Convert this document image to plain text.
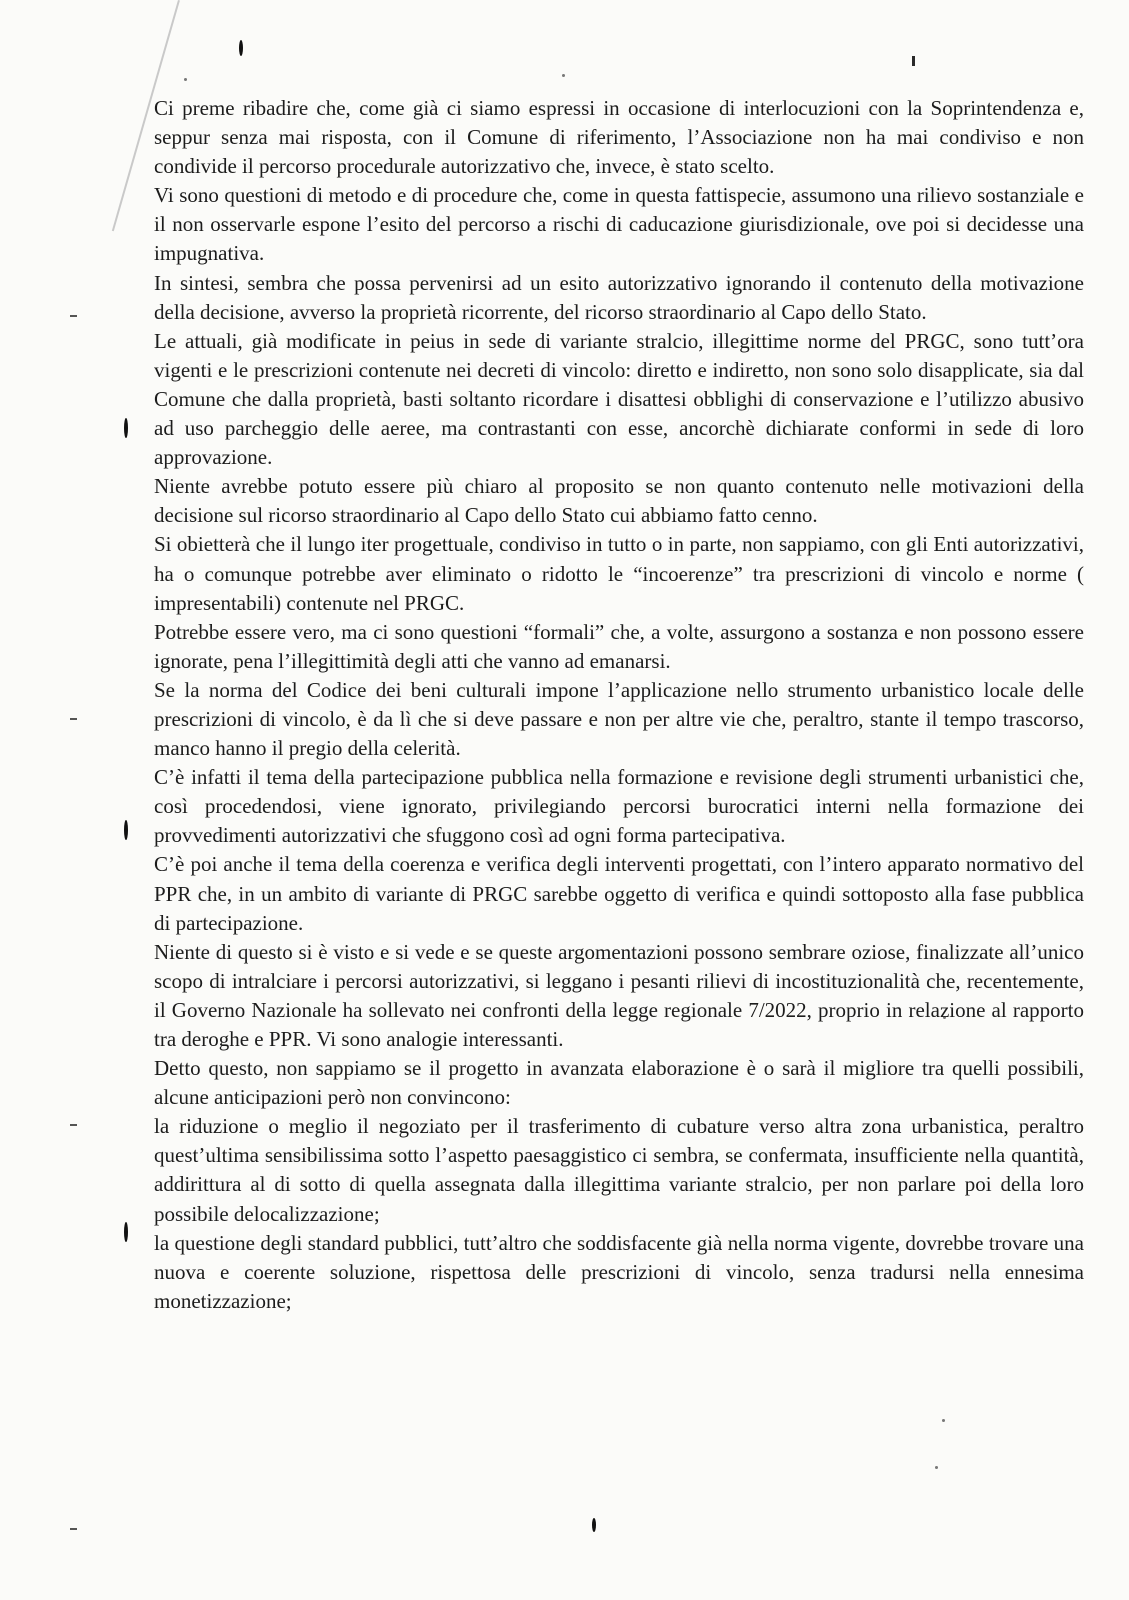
Ci preme ribadire che, come già ci siamo espressi in occasione di interlocuzioni con la Soprintendenza e, seppur senza mai risposta, con il Comune di riferimento, l’Associazione non ha mai condiviso e non condivide il percorso procedurale autorizzativo che, invece, è stato scelto.

Vi sono questioni di metodo e di procedure che, come in questa fattispecie, assumono una rilievo sostanziale e il non osservarle espone l’esito del percorso a rischi di caducazione giurisdizionale, ove poi si decidesse una impugnativa.

In sintesi, sembra che possa pervenirsi ad un esito autorizzativo ignorando il contenuto della motivazione della decisione, avverso la proprietà ricorrente, del ricorso straordinario al Capo dello Stato.

Le attuali, già modificate in peius in sede di variante stralcio, illegittime norme del PRGC, sono tutt’ora vigenti e le prescrizioni contenute nei decreti di vincolo: diretto e indiretto, non sono solo disapplicate, sia dal Comune che dalla proprietà, basti soltanto ricordare i disattesi obblighi di conservazione e l’utilizzo abusivo ad uso parcheggio delle aeree, ma contrastanti con esse, ancorchè dichiarate conformi in sede di loro approvazione.

Niente avrebbe potuto essere più chiaro al proposito se non quanto contenuto nelle motivazioni della decisione sul ricorso straordinario al Capo dello Stato cui abbiamo fatto cenno.

Si obietterà che il lungo iter progettuale, condiviso in tutto o in parte, non sappiamo, con gli Enti autorizzativi, ha o comunque potrebbe aver eliminato o ridotto le “incoerenze” tra prescrizioni di vincolo e norme ( impresentabili) contenute nel PRGC.

Potrebbe essere vero, ma ci sono questioni “formali” che, a volte, assurgono a sostanza e non possono essere ignorate, pena l’illegittimità degli atti che vanno ad emanarsi.

Se la norma del Codice dei beni culturali impone l’applicazione nello strumento urbanistico locale delle prescrizioni di vincolo, è da lì che si deve passare e non per altre vie che, peraltro, stante il tempo trascorso, manco hanno il pregio della celerità.

C’è infatti il tema della partecipazione pubblica nella formazione e revisione degli strumenti urbanistici che, così procedendosi, viene ignorato, privilegiando percorsi burocratici interni nella formazione dei provvedimenti autorizzativi che sfuggono così ad ogni forma partecipativa.

C’è poi anche il tema della coerenza e verifica degli interventi progettati, con l’intero apparato normativo del PPR che, in un ambito di variante di PRGC sarebbe oggetto di verifica e quindi sottoposto alla fase pubblica di partecipazione.

Niente di questo si è visto e si vede e se queste argomentazioni possono sembrare oziose, finalizzate all’unico scopo di intralciare i percorsi autorizzativi, si leggano i pesanti rilievi di incostituzionalità che, recentemente, il Governo Nazionale ha sollevato nei confronti della legge regionale 7/2022, proprio in relazione al rapporto tra deroghe e PPR. Vi sono analogie interessanti.

Detto questo, non sappiamo se il progetto in avanzata elaborazione è o sarà il migliore tra quelli possibili, alcune anticipazioni però non convincono:

la riduzione o meglio il negoziato per il trasferimento di cubature verso altra zona urbanistica, peraltro quest’ultima sensibilissima sotto l’aspetto paesaggistico ci sembra, se confermata, insufficiente nella quantità, addirittura al di sotto di quella assegnata dalla illegittima variante stralcio, per non parlare poi della loro possibile delocalizzazione;

la questione degli standard pubblici, tutt’altro che soddisfacente già nella norma vigente, dovrebbe trovare una nuova e coerente soluzione, rispettosa delle prescrizioni di vincolo, senza tradursi nella ennesima monetizzazione;
